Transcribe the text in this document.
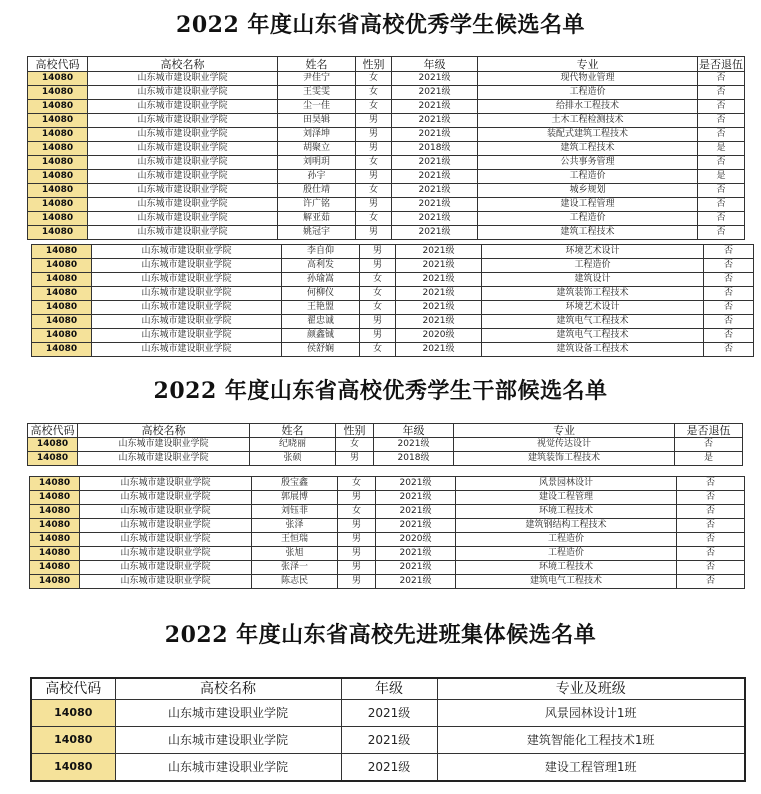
2022 年度山东省高校优秀学生候选名单
高校代码	高校名称	姓名	性别	年级	专业	是否退伍
14080	山东城市建设职业学院	尹佳宁	女	2021级	现代物业管理	否
14080	山东城市建设职业学院	王雯雯	女	2021级	工程造价	否
14080	山东城市建设职业学院	尘一佳	女	2021级	给排水工程技术	否
14080	山东城市建设职业学院	田昊辑	男	2021级	土木工程检测技术	否
14080	山东城市建设职业学院	刘泽坤	男	2021级	装配式建筑工程技术	否
14080	山东城市建设职业学院	胡聚立	男	2018级	建筑工程技术	是
14080	山东城市建设职业学院	刘明玥	女	2021级	公共事务管理	否
14080	山东城市建设职业学院	孙宇	男	2021级	工程造价	是
14080	山东城市建设职业学院	殷仕靖	女	2021级	城乡规划	否
14080	山东城市建设职业学院	许广铭	男	2021级	建设工程管理	否
14080	山东城市建设职业学院	解亚茹	女	2021级	工程造价	否
14080	山东城市建设职业学院	姚冠宇	男	2021级	建筑工程技术	否
14080	山东城市建设职业学院	李自仰	男	2021级	环境艺术设计	否
14080	山东城市建设职业学院	高利发	男	2021级	工程造价	否
14080	山东城市建设职业学院	孙瑜嵩	女	2021级	建筑设计	否
14080	山东城市建设职业学院	何柳仪	女	2021级	建筑装饰工程技术	否
14080	山东城市建设职业学院	王艳盟	女	2021级	环境艺术设计	否
14080	山东城市建设职业学院	翟忠诚	男	2021级	建筑电气工程技术	否
14080	山东城市建设职业学院	颜鑫铖	男	2020级	建筑电气工程技术	否
14080	山东城市建设职业学院	侯舒娴	女	2021级	建筑设备工程技术	否
2022 年度山东省高校优秀学生干部候选名单
高校代码	高校名称	姓名	性别	年级	专业	是否退伍
14080	山东城市建设职业学院	纪晓丽	女	2021级	视觉传达设计	否
14080	山东城市建设职业学院	张硕	男	2018级	建筑装饰工程技术	是
14080	山东城市建设职业学院	殷宝鑫	女	2021级	风景园林设计	否
14080	山东城市建设职业学院	郭展博	男	2021级	建设工程管理	否
14080	山东城市建设职业学院	刘钰菲	女	2021级	环境工程技术	否
14080	山东城市建设职业学院	张泽	男	2021级	建筑钢结构工程技术	否
14080	山东城市建设职业学院	王恒瑞	男	2020级	工程造价	否
14080	山东城市建设职业学院	张旭	男	2021级	工程造价	否
14080	山东城市建设职业学院	张泽一	男	2021级	环境工程技术	否
14080	山东城市建设职业学院	陈志民	男	2021级	建筑电气工程技术	否
2022 年度山东省高校先进班集体候选名单
高校代码	高校名称	年级	专业及班级
14080	山东城市建设职业学院	2021级	风景园林设计1班
14080	山东城市建设职业学院	2021级	建筑智能化工程技术1班
14080	山东城市建设职业学院	2021级	建设工程管理1班
